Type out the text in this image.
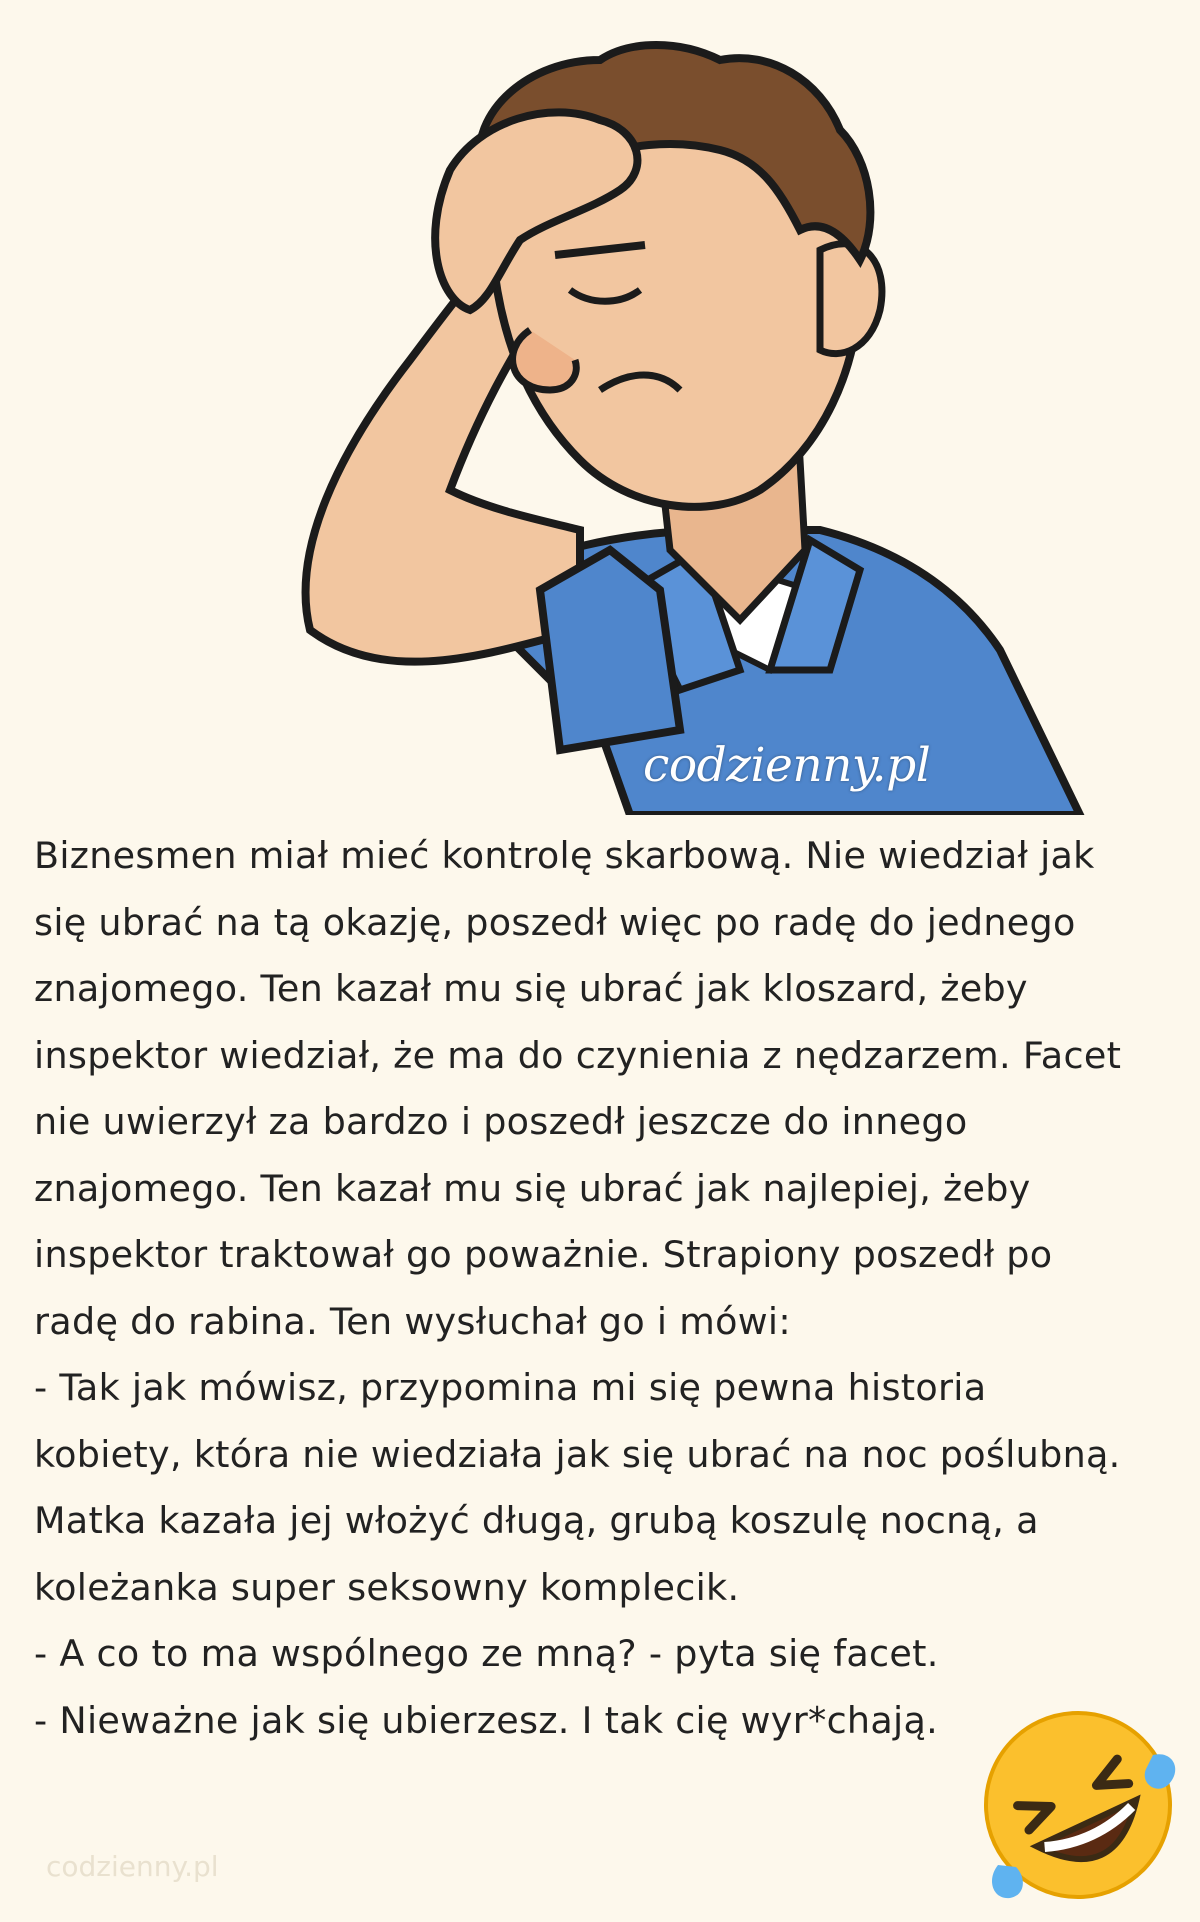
codzienny.pl

Biznesmen miał mieć kontrolę skarbową. Nie wiedział jak

się ubrać na tą okazję, poszedł więc po radę do jednego

znajomego. Ten kazał mu się ubrać jak kloszard, żeby

inspektor wiedział, że ma do czynienia z nędzarzem. Facet

nie uwierzył za bardzo i poszedł jeszcze do innego

znajomego. Ten kazał mu się ubrać jak najlepiej, żeby

inspektor traktował go poważnie. Strapiony poszedł po

radę do rabina. Ten wysłuchał go i mówi:

- Tak jak mówisz, przypomina mi się pewna historia

kobiety, która nie wiedziała jak się ubrać na noc poślubną.

Matka kazała jej włożyć długą, grubą koszulę nocną, a

koleżanka super seksowny komplecik.

- A co to ma wspólnego ze mną? - pyta się facet.

- Nieważne jak się ubierzesz. I tak cię wyr*chają.

codzienny.pl
